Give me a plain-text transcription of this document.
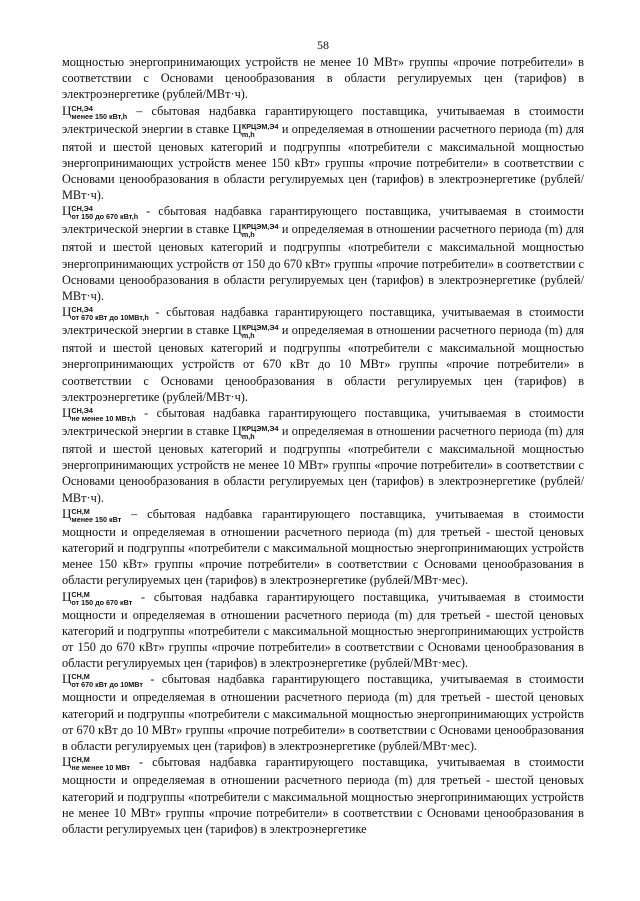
58

мощностью энергопринимающих устройств не менее 10 МВт» группы «прочие потребители» в соответствии с Основами ценообразования в области регулируемых цен (тарифов) в электроэнергетике (рублей/МВт·ч).

Ц СН,Э4
менее 150 кВт,h – сбытовая надбавка гарантирующего поставщика, учитываемая в стоимости электрической энергии в ставке Ц КРЦЭМ,Э4
m,h	и определяемая в отношении расчетного периода (m) для пятой и шестой ценовых категорий и подгруппы «потребители с максимальной мощностью энергопринимающих устройств менее 150 кВт» группы «прочие потребители» в соответствии с Основами ценообразования в области регулируемых цен (тарифов) в электроэнергетике (рублей/МВт·ч).

Ц СН,Э4
от 150 до 670 кВт,h - сбытовая надбавка гарантирующего поставщика, учитываемая в стоимости электрической энергии в ставке Ц КРЦЭМ,Э4
m,h	и определяемая в отношении расчетного периода (m) для пятой и шестой ценовых категорий и подгруппы «потребители с максимальной мощностью энергопринимающих устройств от 150 до 670 кВт» группы «прочие потребители» в соответствии с Основами ценообразования в области регулируемых цен (тарифов) в электроэнергетике (рублей/МВт·ч).

Ц СН,Э4
от 670 кВт до 10МВт,h - сбытовая надбавка гарантирующего поставщика, учитываемая в стоимости электрической энергии в ставке Ц КРЦЭМ,Э4
m,h	и определяемая в отношении расчетного периода (m) для пятой и шестой ценовых категорий и подгруппы «потребители с максимальной мощностью энергопринимающих устройств от 670 кВт до 10 МВт» группы «прочие потребители» в соответствии с Основами ценообразования в области регулируемых цен (тарифов) в электроэнергетике (рублей/МВт·ч).

Ц СН,Э4
не менее 10 МВт,h - сбытовая надбавка гарантирующего поставщика, учитываемая в стоимости электрической энергии в ставке Ц КРЦЭМ,Э4
m,h	и определяемая в отношении расчетного периода (m) для пятой и шестой ценовых категорий и подгруппы «потребители с максимальной мощностью энергопринимающих устройств не менее 10 МВт» группы «прочие потребители» в соответствии с Основами ценообразования в области регулируемых цен (тарифов) в электроэнергетике (рублей/МВт·ч).

Ц СН,М
менее 150 кВт – сбытовая надбавка гарантирующего поставщика, учитываемая в стоимости мощности и определяемая в отношении расчетного периода (m) для третьей - шестой ценовых категорий и подгруппы «потребители с максимальной мощностью энергопринимающих устройств менее 150 кВт» группы «прочие потребители» в соответствии с Основами ценообразования в области регулируемых цен (тарифов) в электроэнергетике (рублей/МВт·мес).

Ц СН,М
от 150 до 670 кВт - сбытовая надбавка гарантирующего поставщика, учитываемая в стоимости мощности и определяемая в отношении расчетного периода (m) для третьей - шестой ценовых категорий и подгруппы «потребители с максимальной мощностью энергопринимающих устройств от 150 до 670 кВт» группы «прочие потребители» в соответствии с Основами ценообразования в области регулируемых цен (тарифов) в электроэнергетике (рублей/МВт·мес).

Ц СН,М
от 670 кВт до 10МВт - сбытовая надбавка гарантирующего поставщика, учитываемая в стоимости мощности и определяемая в отношении расчетного периода (m) для третьей - шестой ценовых категорий и подгруппы «потребители с максимальной мощностью энергопринимающих устройств от 670 кВт до 10 МВт» группы «прочие потребители» в соответствии с Основами ценообразования в области регулируемых цен (тарифов) в электроэнергетике (рублей/МВт·мес).

Ц СН,М
не менее 10 МВт - сбытовая надбавка гарантирующего поставщика, учитываемая в стоимости мощности и определяемая в отношении расчетного периода (m) для третьей - шестой ценовых категорий и подгруппы «потребители с максимальной мощностью энергопринимающих устройств не менее 10 МВт» группы «прочие потребители» в соответствии с Основами ценообразования в области регулируемых цен (тарифов) в электроэнергетике
